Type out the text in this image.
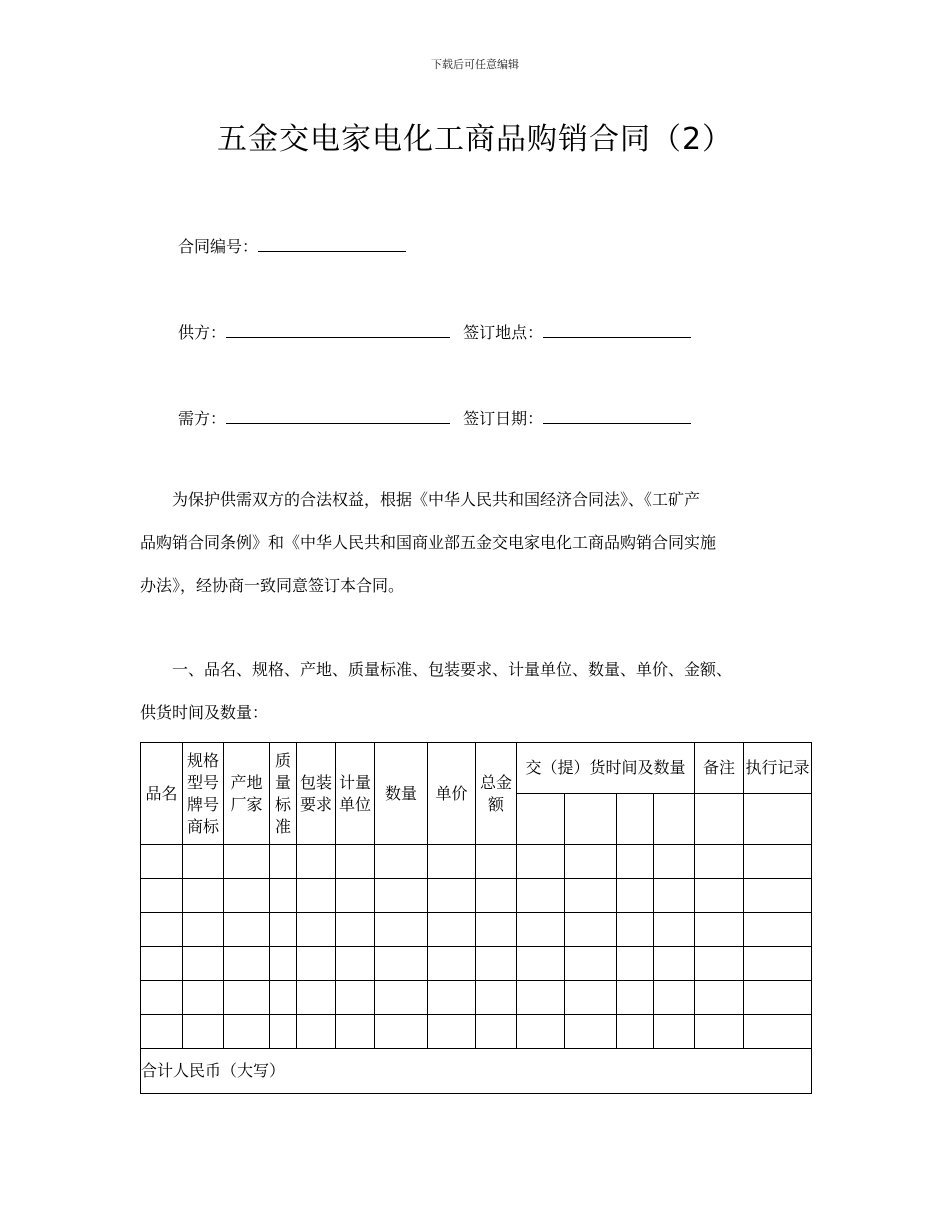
下载后可任意编辑
五金交电家电化工商品购销合同（2）
合同编号：
供方：	签订地点：
需方：	签订日期：
为保护供需双方的合法权益，根据《中华人民共和国经济合同法》、《工矿产
品购销合同条例》和《中华人民共和国商业部五金交电家电化工商品购销合同实施
办法》，经协商一致同意签订本合同。
一、品名、规格、产地、质量标准、包装要求、计量单位、数量、单价、金额、
供货时间及数量：
品名	规格型号牌号商标	产地厂家	质量标准	包装要求	计量单位	数量	单价	总金额	交（提）货时间及数量				备注	执行记录

合计人民币（大写）														
